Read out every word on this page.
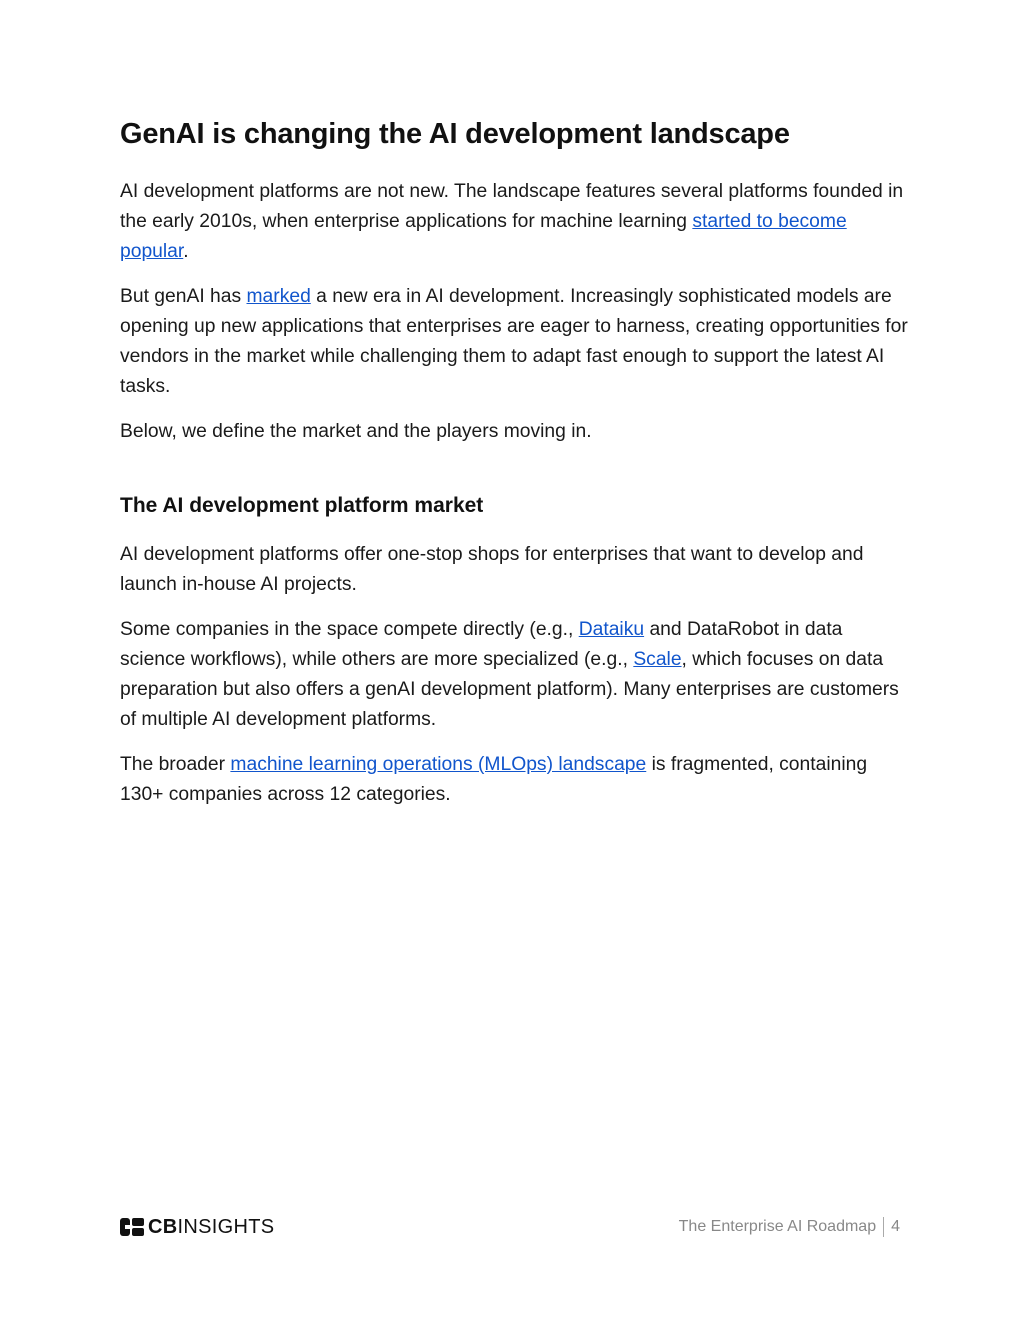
GenAI is changing the AI development landscape

AI development platforms are not new. The landscape features several platforms founded in the early 2010s, when enterprise applications for machine learning started to become popular.

But genAI has marked a new era in AI development. Increasingly sophisticated models are opening up new applications that enterprises are eager to harness, creating opportunities for vendors in the market while challenging them to adapt fast enough to support the latest AI tasks.

Below, we define the market and the players moving in.

The AI development platform market

AI development platforms offer one-stop shops for enterprises that want to develop and launch in-house AI projects.

Some companies in the space compete directly (e.g., Dataiku and DataRobot in data science workflows), while others are more specialized (e.g., Scale, which focuses on data preparation but also offers a genAI development platform). Many enterprises are customers of multiple AI development platforms.

The broader machine learning operations (MLOps) landscape is fragmented, containing 130+ companies across 12 categories.

CBINSIGHTS	The Enterprise AI Roadmap 4
